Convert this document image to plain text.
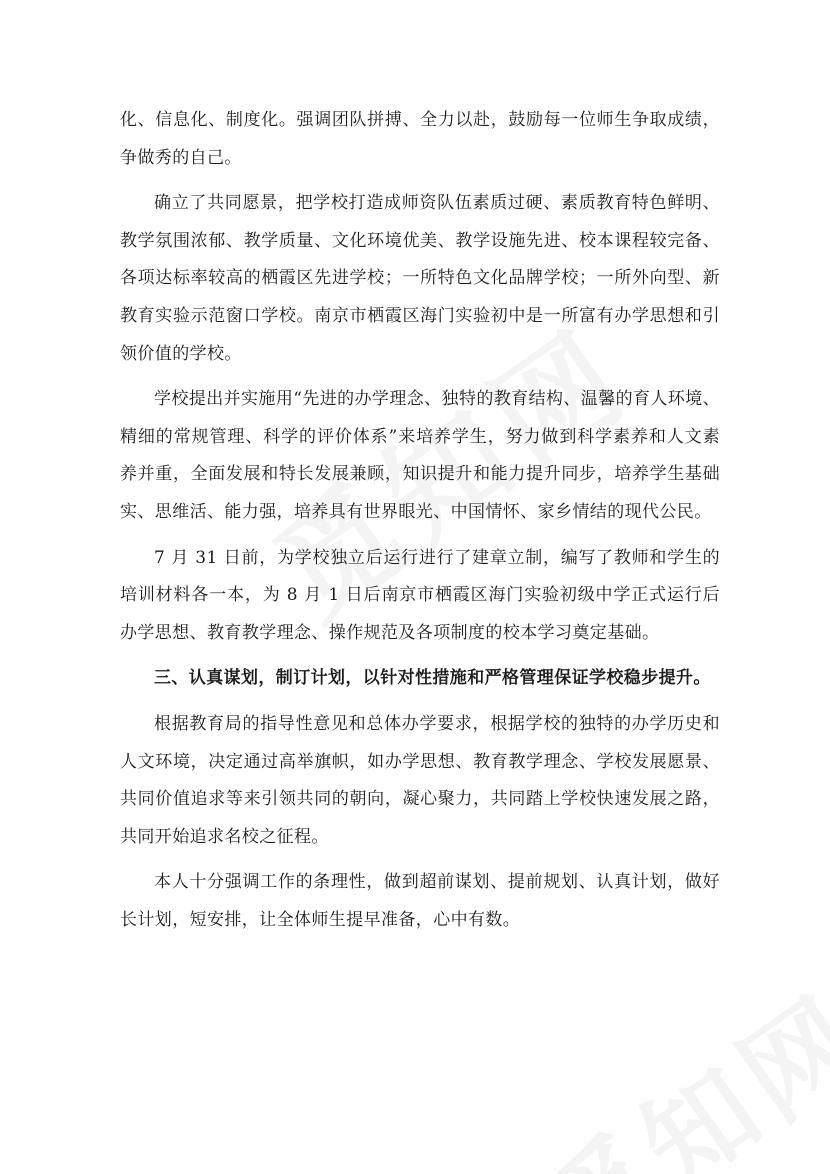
化、信息化、制度化。强调团队拼搏、全力以赴，鼓励每一位师生争取成绩，争做秀的自己。

确立了共同愿景，把学校打造成师资队伍素质过硬、素质教育特色鲜明、教学氛围浓郁、教学质量、文化环境优美、教学设施先进、校本课程较完备、各项达标率较高的栖霞区先进学校；一所特色文化品牌学校；一所外向型、新教育实验示范窗口学校。南京市栖霞区海门实验初中是一所富有办学思想和引领价值的学校。

学校提出并实施用“先进的办学理念、独特的教育结构、温馨的育人环境、精细的常规管理、科学的评价体系”来培养学生，努力做到科学素养和人文素养并重，全面发展和特长发展兼顾，知识提升和能力提升同步，培养学生基础实、思维活、能力强，培养具有世界眼光、中国情怀、家乡情结的现代公民。

7 月 31 日前，为学校独立后运行进行了建章立制，编写了教师和学生的培训材料各一本，为 8 月 1 日后南京市栖霞区海门实验初级中学正式运行后办学思想、教育教学理念、操作规范及各项制度的校本学习奠定基础。

三、认真谋划，制订计划，以针对性措施和严格管理保证学校稳步提升。

根据教育局的指导性意见和总体办学要求，根据学校的独特的办学历史和人文环境，决定通过高举旗帜，如办学思想、教育教学理念、学校发展愿景、共同价值追求等来引领共同的朝向，凝心聚力，共同踏上学校快速发展之路，共同开始追求名校之征程。

本人十分强调工作的条理性，做到超前谋划、提前规划、认真计划，做好长计划，短安排，让全体师生提早准备，心中有数。
